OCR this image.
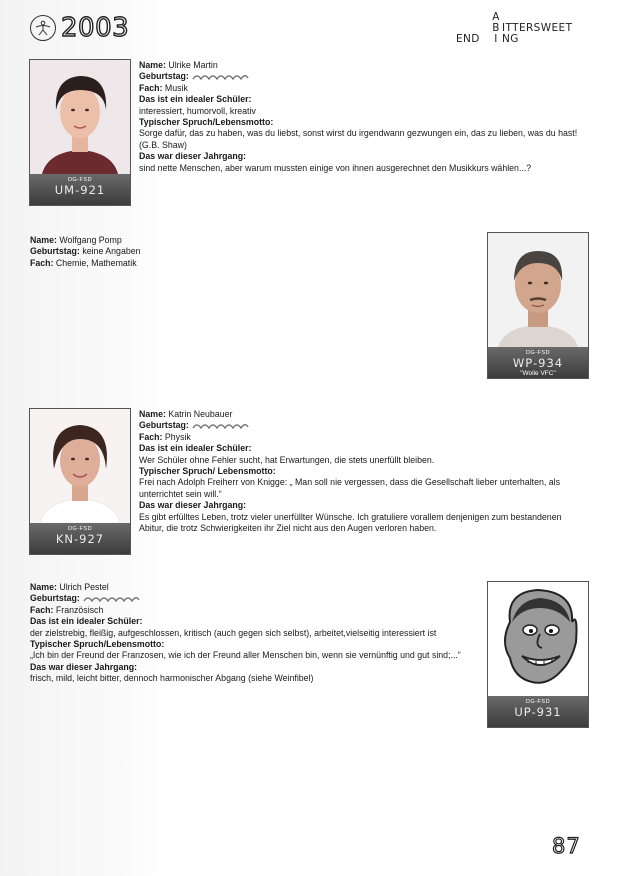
2003	A
B ITTERSWEET
END	I NG
DG-FSD
UM-921
Name: Ulrike Martin
Geburtstag:
Fach: Musik
Das ist ein idealer Schüler:
interessiert, humorvoll, kreativ
Typischer Spruch/Lebensmotto:
Sorge dafür, das zu haben, was du liebst, sonst wirst du irgendwann gezwungen ein, das zu lieben, was du hast! (G.B. Shaw)
Das war dieser Jahrgang:
sind nette Menschen, aber warum mussten einige von ihnen ausgerechnet den Musikkurs wählen...?
Name: Wolfgang Pomp
Geburtstag: keine Angaben
Fach: Chemie, Mathematik
DG-FSD
WP-934
"Wolle VFC"
DG-FSD
KN-927
Name: Katrin Neubauer
Geburtstag:
Fach: Physik
Das ist ein idealer Schüler:
Wer Schüler ohne Fehler sucht, hat Erwartungen, die stets unerfüllt bleiben.
Typischer Spruch/ Lebensmotto:
Frei nach Adolph Freiherr von Knigge: „ Man soll nie vergessen, dass die Gesellschaft lieber unterhalten, als unterrichtet sein will.“
Das war dieser Jahrgang:
Es gibt erfülltes Leben, trotz vieler unerfüllter Wünsche. Ich gratuliere vorallem denjenigen zum bestandenen Abitur, die trotz Schwierigkeiten ihr Ziel nicht aus den Augen verloren haben.
Name: Ulrich Pestel
Geburtstag:
Fach: Französisch
Das ist ein idealer Schüler:
der zielstrebig, fleißig, aufgeschlossen, kritisch (auch gegen sich selbst), arbeitet,vielseitig interessiert ist
Typischer Spruch/Lebensmotto:
„Ich bin der Freund der Franzosen, wie ich der Freund aller Menschen bin, wenn sie vernünftig und gut sind;...“
Das war dieser Jahrgang:
frisch, mild, leicht bitter, dennoch harmonischer Abgang (siehe Weinfibel)
DG-FSD
UP-931
87
